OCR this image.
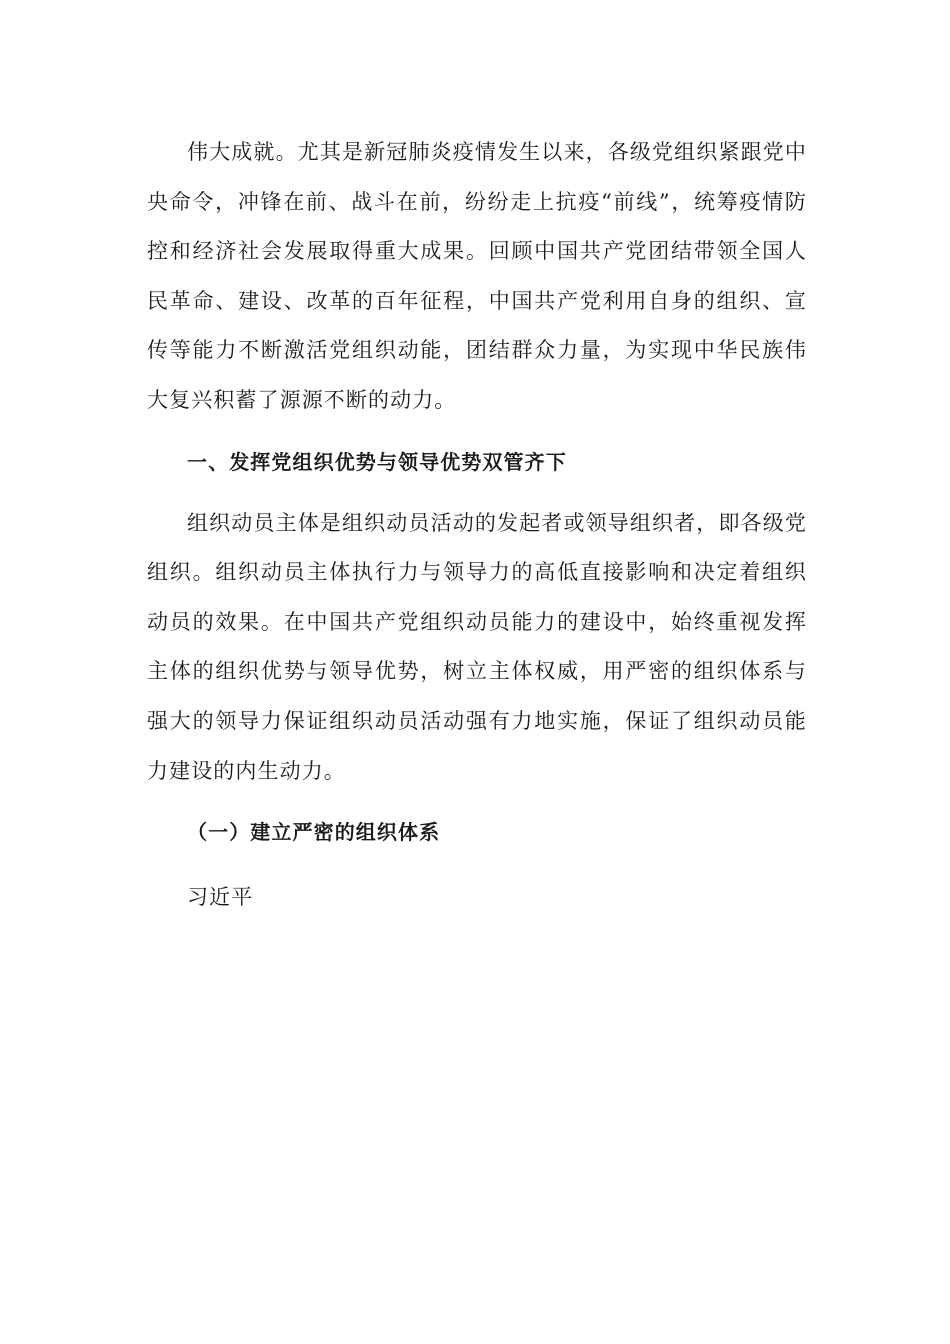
伟大成就。尤其是新冠肺炎疫情发生以来，各级党组织紧跟党中央命令，冲锋在前、战斗在前，纷纷走上抗疫“前线”，统筹疫情防控和经济社会发展取得重大成果。回顾中国共产党团结带领全国人民革命、建设、改革的百年征程，中国共产党利用自身的组织、宣传等能力不断激活党组织动能，团结群众力量，为实现中华民族伟大复兴积蓄了源源不断的动力。

一、发挥党组织优势与领导优势双管齐下

组织动员主体是组织动员活动的发起者或领导组织者，即各级党组织。组织动员主体执行力与领导力的高低直接影响和决定着组织动员的效果。在中国共产党组织动员能力的建设中，始终重视发挥主体的组织优势与领导优势，树立主体权威，用严密的组织体系与强大的领导力保证组织动员活动强有力地实施，保证了组织动员能力建设的内生动力。

（一）建立严密的组织体系

习近平
